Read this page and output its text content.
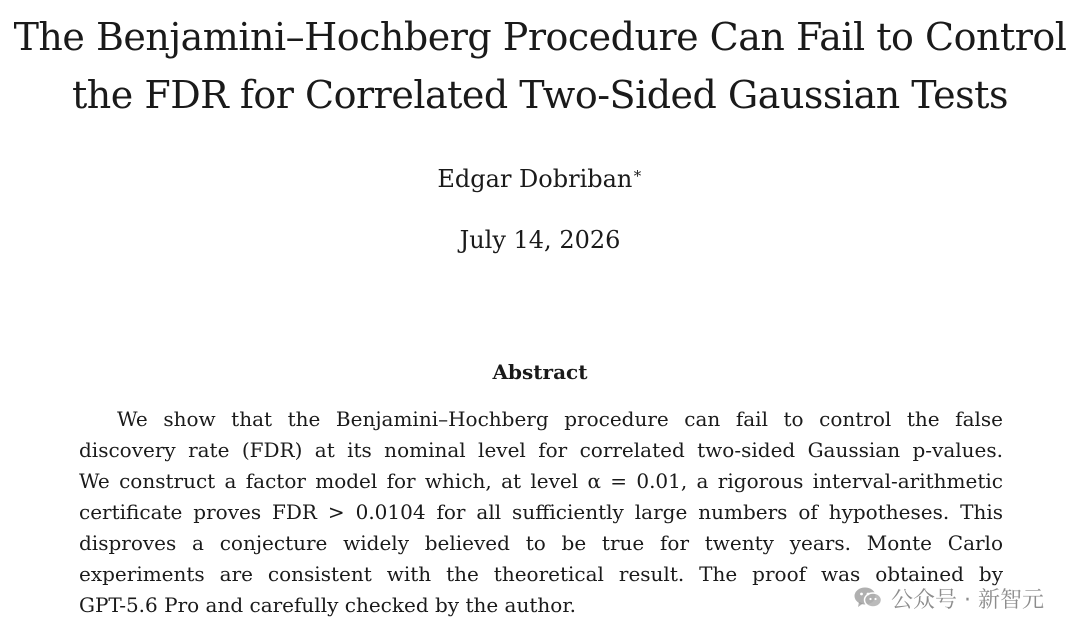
The Benjamini–Hochberg Procedure Can Fail to Control
the FDR for Correlated Two-Sided Gaussian Tests
Edgar Dobriban∗
July 14, 2026
Abstract
We show that the Benjamini–Hochberg procedure can fail to control the false
discovery rate (FDR) at its nominal level for correlated two-sided Gaussian p-values.
We construct a factor model for which, at level α = 0.01, a rigorous interval-arithmetic
certificate proves FDR > 0.0104 for all sufficiently large numbers of hypotheses. This
disproves a conjecture widely believed to be true for twenty years. Monte Carlo
experiments are consistent with the theoretical result. The proof was obtained by
GPT-5.6 Pro and carefully checked by the author.	公众号 · 新智元
